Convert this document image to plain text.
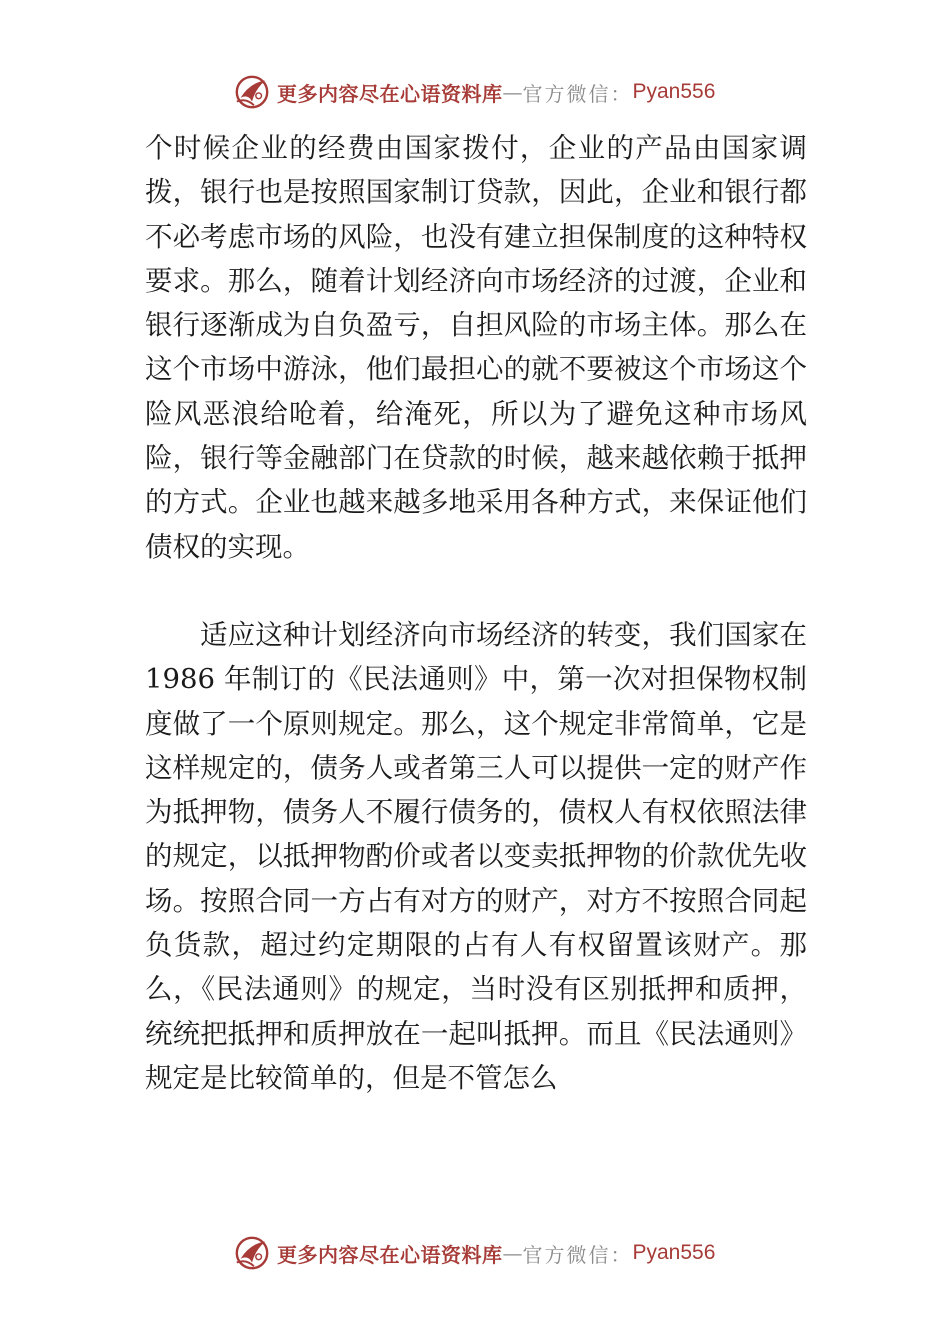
更多内容尽在心语资料库 — 官方微信： Pyan556

个时候企业的经费由国家拨付，企业的产品由国家调拨，银行也是按照国家制订贷款，因此，企业和银行都不必考虑市场的风险，也没有建立担保制度的这种特权要求。那么，随着计划经济向市场经济的过渡，企业和银行逐渐成为自负盈亏，自担风险的市场主体。那么在这个市场中游泳，他们最担心的就不要被这个市场这个险风恶浪给呛着，给淹死，所以为了避免这种市场风险，银行等金融部门在贷款的时候，越来越依赖于抵押的方式。企业也越来越多地采用各种方式，来保证他们债权的实现。

适应这种计划经济向市场经济的转变，我们国家在 1986 年制订的《民法通则》中，第一次对担保物权制度做了一个原则规定。那么，这个规定非常简单，它是这样规定的，债务人或者第三人可以提供一定的财产作为抵押物，债务人不履行债务的，债权人有权依照法律的规定，以抵押物酌价或者以变卖抵押物的价款优先收场。按照合同一方占有对方的财产，对方不按照合同起负货款，超过约定期限的占有人有权留置该财产。那么，《民法通则》的规定，当时没有区别抵押和质押，统统把抵押和质押放在一起叫抵押。而且《民法通则》规定是比较简单的，但是不管怎么

更多内容尽在心语资料库 — 官方微信： Pyan556
